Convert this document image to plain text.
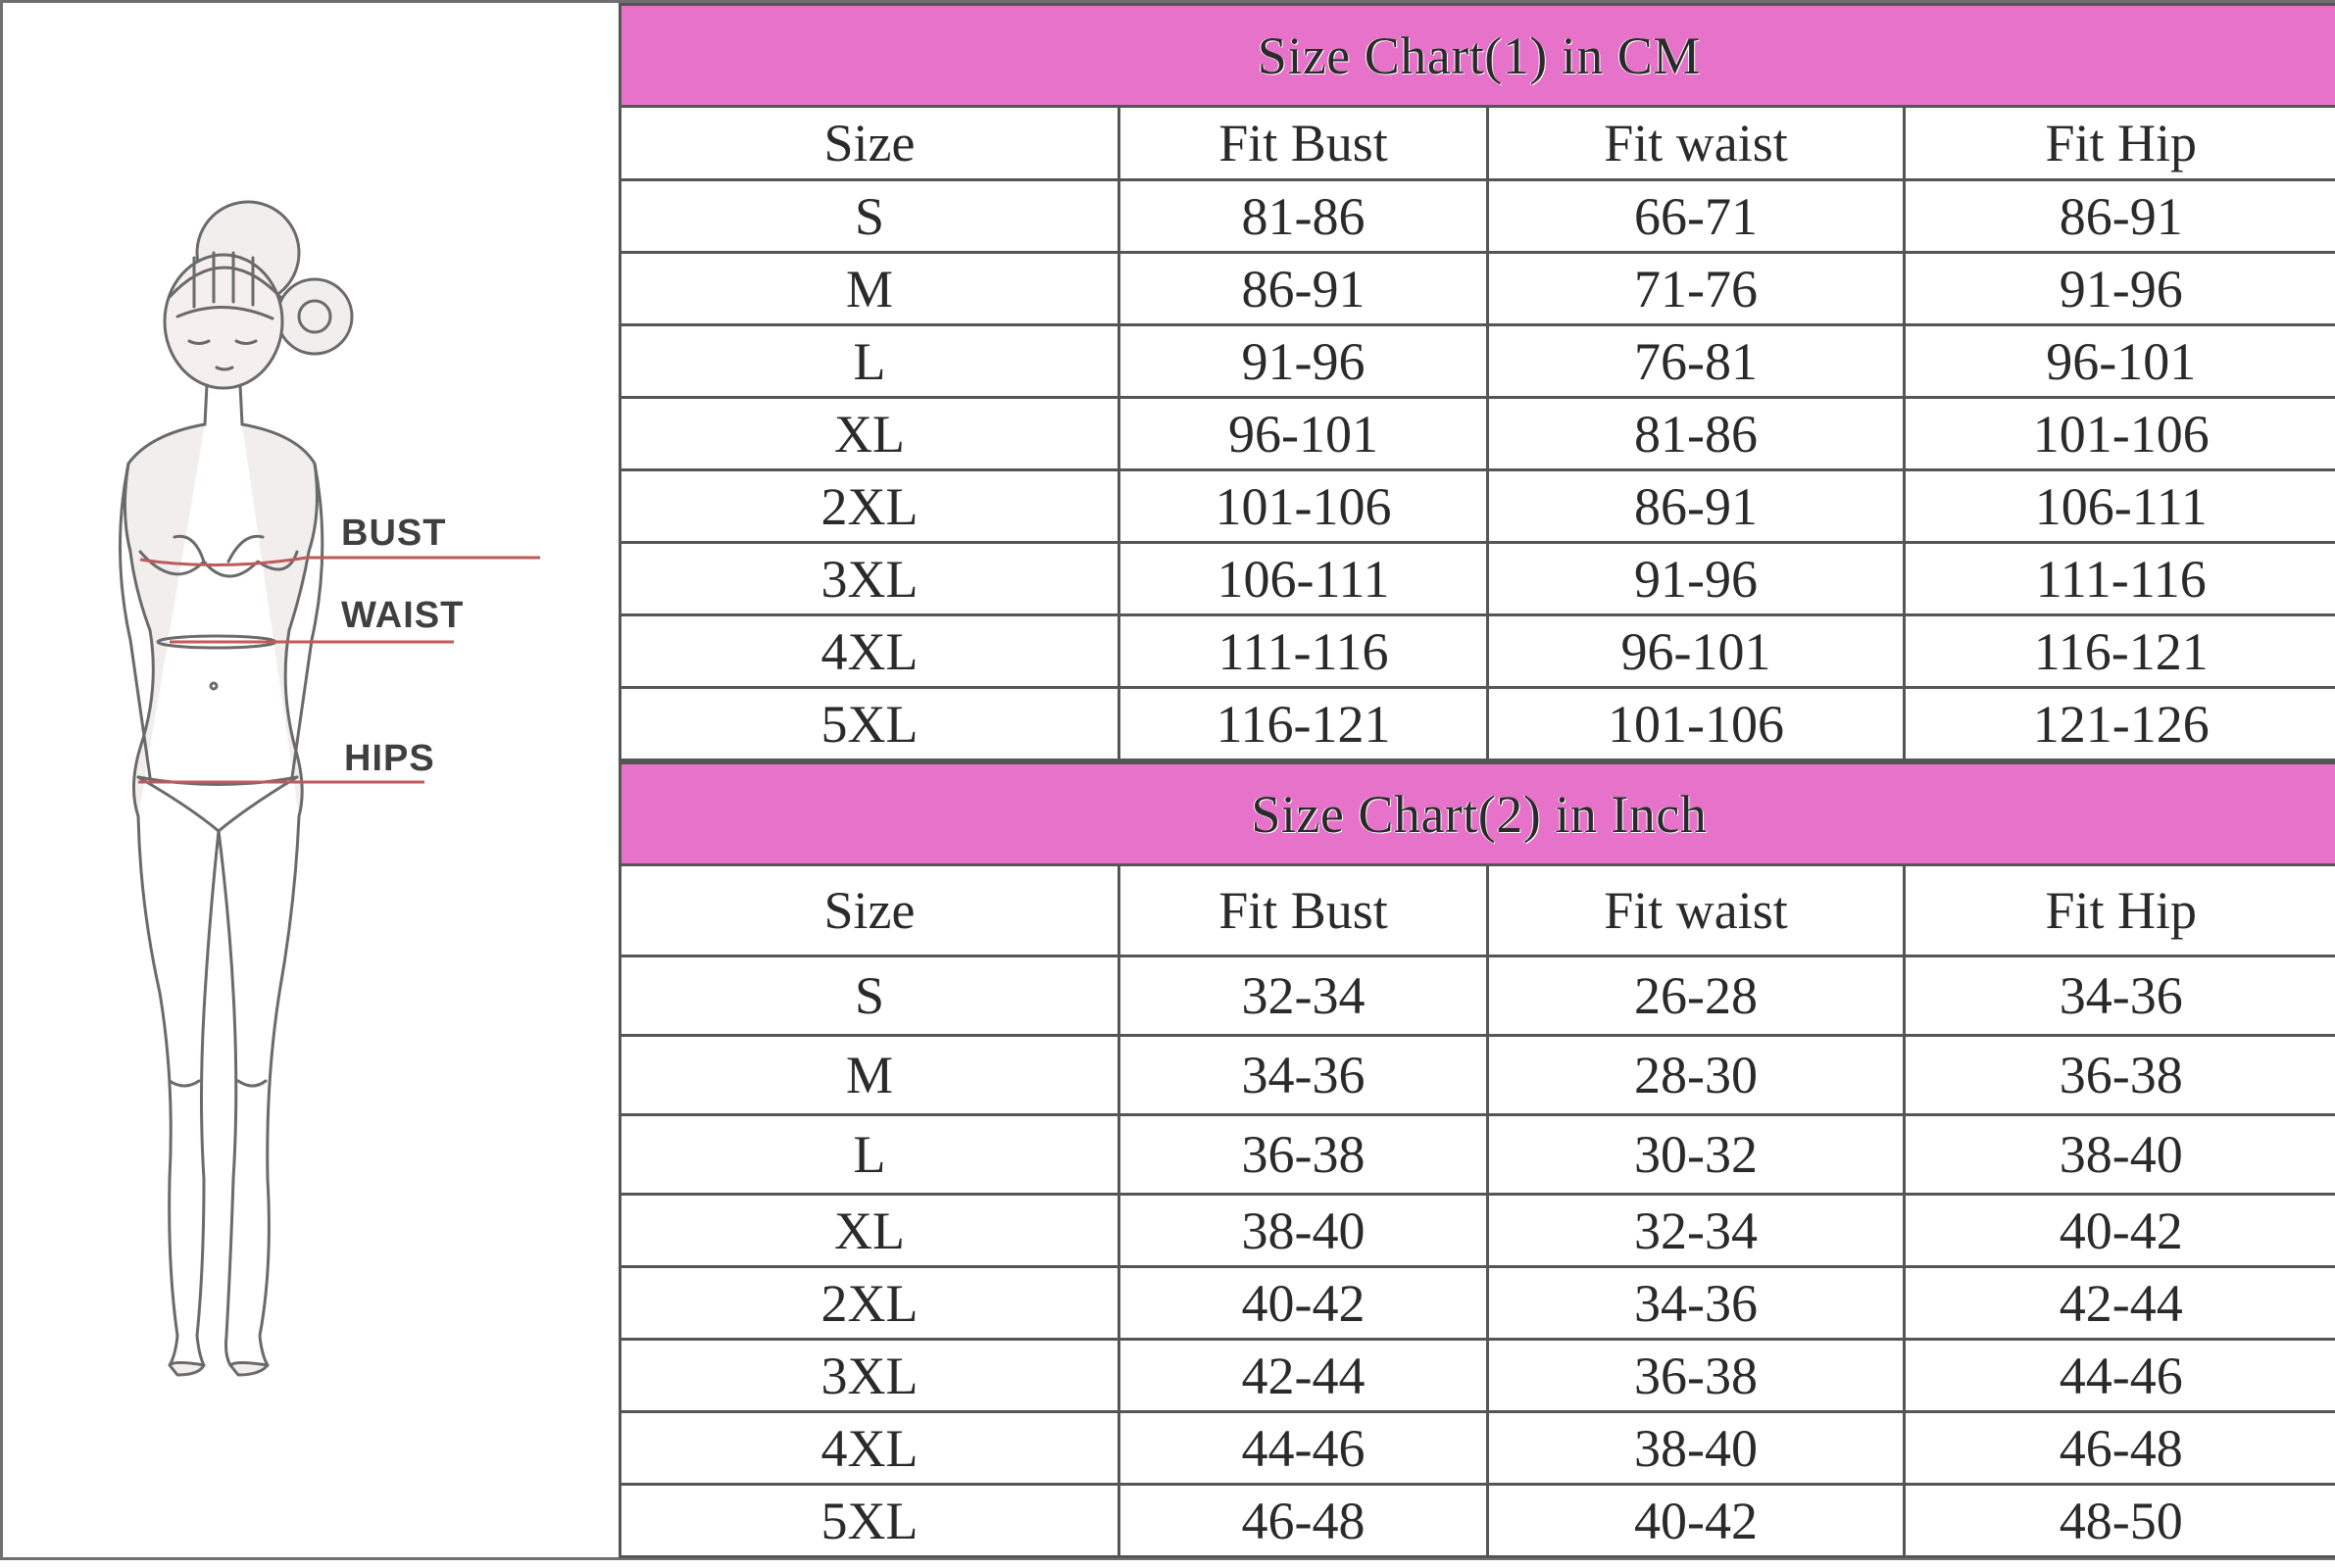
BUST
WAIST
HIPS
Size Chart(1) in CM			
Size	Fit Bust	Fit waist	Fit Hip
S	81-86	66-71	86-91
M	86-91	71-76	91-96
L	91-96	76-81	96-101
XL	96-101	81-86	101-106
2XL	101-106	86-91	106-111
3XL	106-111	91-96	111-116
4XL	111-116	96-101	116-121
5XL	116-121	101-106	121-126
Size Chart(2) in Inch			
Size	Fit Bust	Fit waist	Fit Hip
S	32-34	26-28	34-36
M	34-36	28-30	36-38
L	36-38	30-32	38-40
XL	38-40	32-34	40-42
2XL	40-42	34-36	42-44
3XL	42-44	36-38	44-46
4XL	44-46	38-40	46-48
5XL	46-48	40-42	48-50
